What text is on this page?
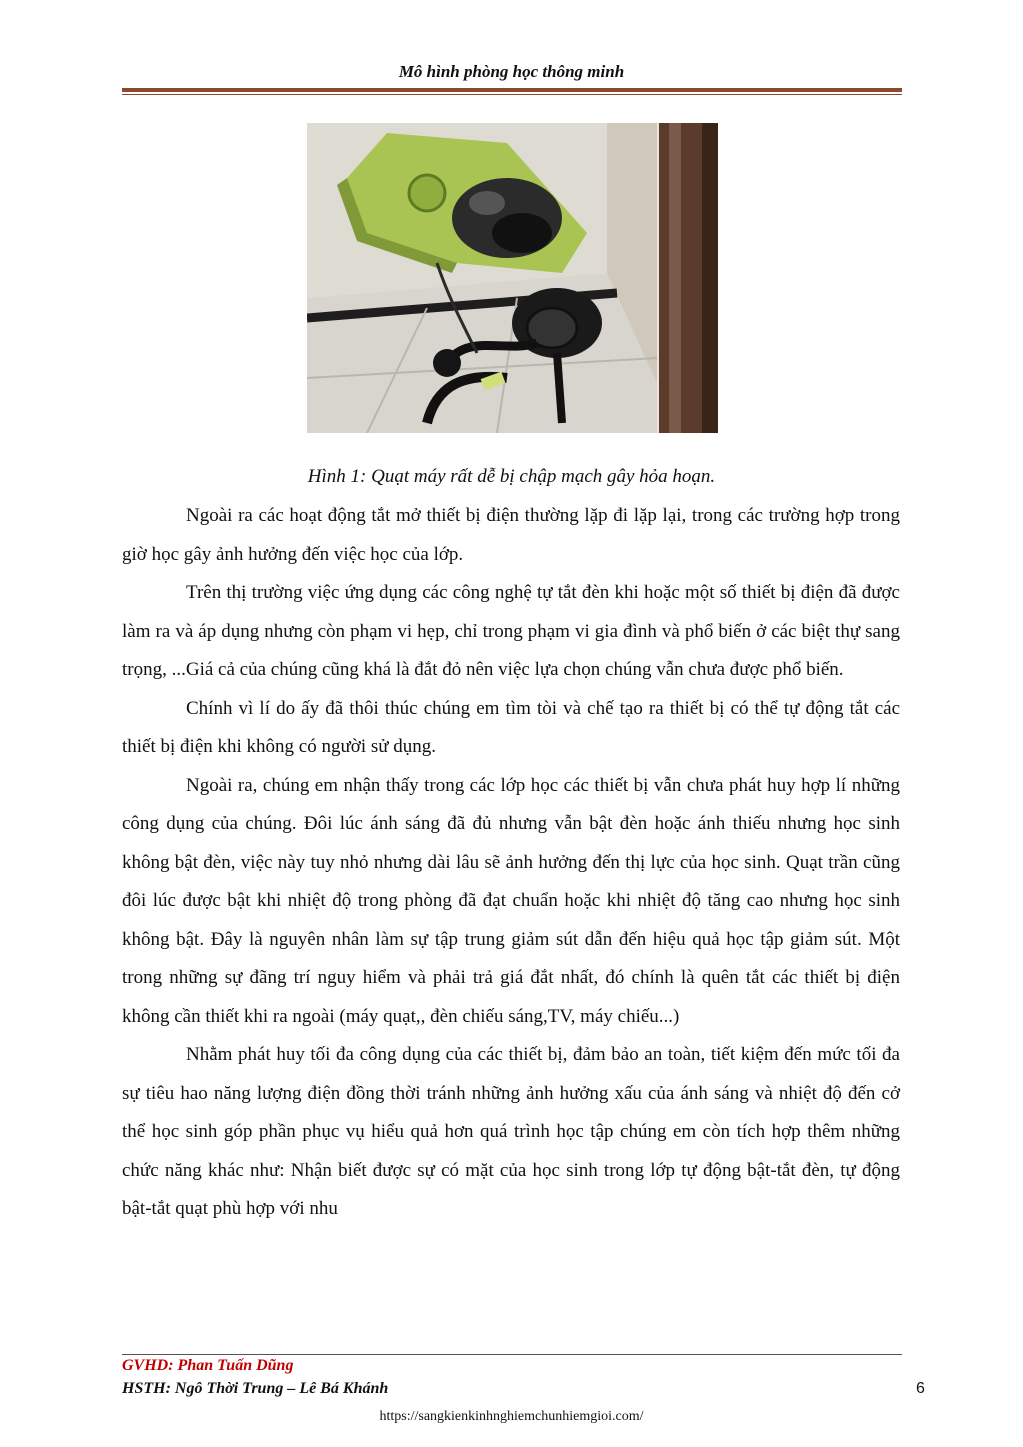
Mô hình phòng học thông minh
Hình 1: Quạt máy rất dễ bị chập mạch gây hỏa hoạn.

Ngoài ra các hoạt động tắt mở thiết bị điện thường lặp đi lặp lại, trong các trường hợp trong giờ học gây ảnh hưởng đến việc học của lớp.

Trên thị trường việc ứng dụng các công nghệ tự tắt đèn khi hoặc một số thiết bị điện đã được làm ra và áp dụng nhưng còn phạm vi hẹp, chỉ trong phạm vi gia đình và phổ biến ở các biệt thự sang trọng, ...Giá cả của chúng cũng khá là đắt đỏ nên việc lựa chọn chúng vẫn chưa được phổ biến.

Chính vì lí do ấy đã thôi thúc chúng em tìm tòi và chế tạo ra thiết bị có thể tự động tắt các thiết bị điện khi không có người sử dụng.

Ngoài ra, chúng em nhận thấy trong các lớp học các thiết bị vẫn chưa phát huy hợp lí những công dụng của chúng. Đôi lúc ánh sáng đã đủ nhưng vẫn bật đèn hoặc ánh thiếu nhưng học sinh không bật đèn, việc này tuy nhỏ nhưng dài lâu sẽ ảnh hưởng đến thị lực của học sinh. Quạt trần cũng đôi lúc được bật khi nhiệt độ trong phòng đã đạt chuẩn hoặc khi nhiệt độ tăng cao nhưng học sinh không bật. Đây là nguyên nhân làm sự tập trung giảm sút dẫn đến hiệu quả học tập giảm sút. Một trong những sự đãng trí nguy hiểm và phải trả giá đắt nhất, đó chính là quên tắt các thiết bị điện không cần thiết khi ra ngoài (máy quạt,, đèn chiếu sáng,TV, máy chiếu...)

Nhằm phát huy tối đa công dụng của các thiết bị, đảm bảo an toàn, tiết kiệm đến mức tối đa sự tiêu hao năng lượng điện đồng thời tránh những ảnh hưởng xấu của ánh sáng và nhiệt độ đến cở thể học sinh góp phần phục vụ hiểu quả hơn quá trình học tập chúng em còn tích hợp thêm những chức năng khác như: Nhận biết được sự có mặt của học sinh trong lớp tự động bật-tắt đèn, tự động bật-tắt quạt phù hợp với nhu

GVHD: Phan Tuấn Dũng
HSTH: Ngô Thời Trung – Lê Bá Khánh	6
https://sangkienkinhnghiemchunhiemgioi.com/
